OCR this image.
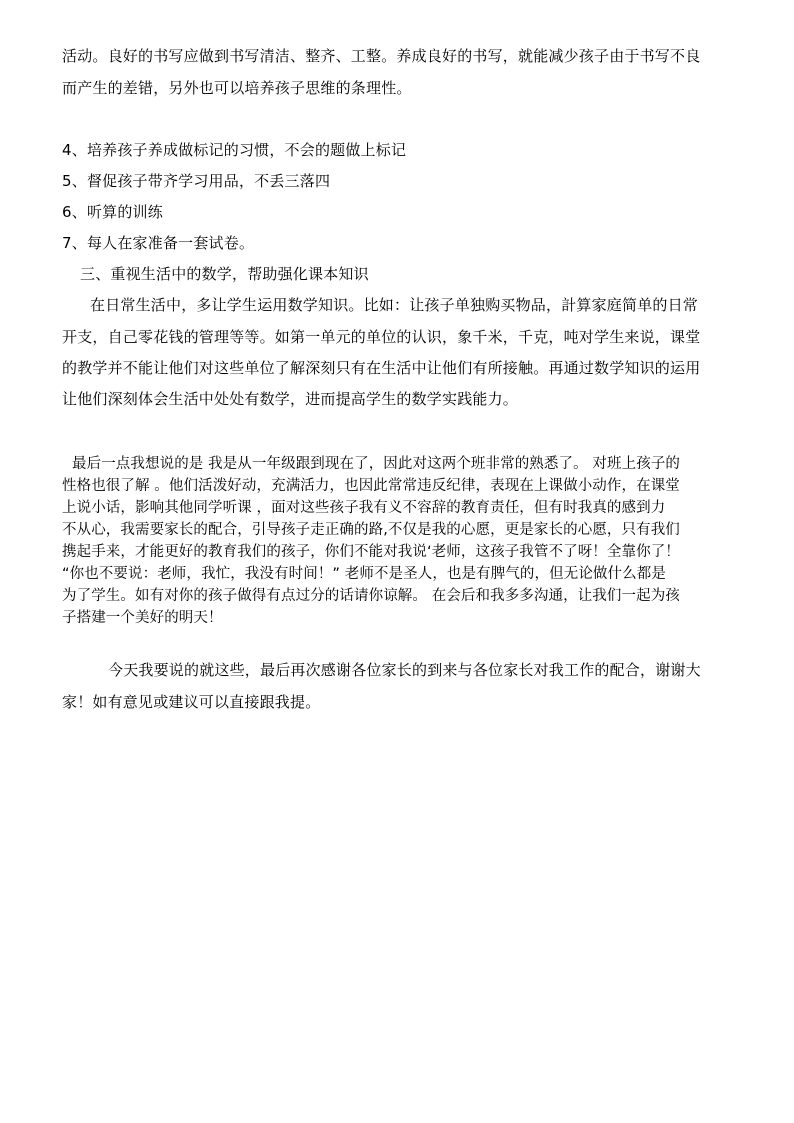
活动。良好的书写应做到书写清洁、整齐、工整。养成良好的书写，就能减少孩子由于书写不良
而产生的差错，另外也可以培养孩子思维的条理性。
4、培养孩子养成做标记的习惯，不会的题做上标记
5、督促孩子带齐学习用品，不丢三落四
6、听算的训练
7、每人在家准备一套试卷。
三、重视生活中的数学，帮助强化课本知识
在日常生活中，多让学生运用数学知识。比如：让孩子单独购买物品，計算家庭简单的日常
开支，自己零花钱的管理等等。如第一单元的单位的认识，象千米，千克，吨对学生来说，课堂
的教学并不能让他们对这些单位了解深刻只有在生活中让他们有所接触。再通过数学知识的运用
让他们深刻体会生活中处处有数学，进而提高学生的数学实践能力。
最后一点我想说的是 我是从一年级跟到现在了，因此对这两个班非常的熟悉了。 对班上孩子的
性格也很了解 。他们活泼好动，充满活力，也因此常常违反纪律，表现在上课做小动作，在课堂
上说小话，影响其他同学听课 ，面对这些孩子我有义不容辞的教育责任，但有时我真的感到力
不从心，我需要家长的配合，引导孩子走正确的路,不仅是我的心愿，更是家长的心愿，只有我们
携起手来，才能更好的教育我们的孩子，你们不能对我说‘老师，这孩子我管不了呀！全靠你了！
“你也不要说：老师，我忙，我没有时间！” 老师不是圣人，也是有脾气的，但无论做什么都是
为了学生。如有对你的孩子做得有点过分的话请你谅解。 在会后和我多多沟通，让我们一起为孩
子搭建一个美好的明天！
今天我要说的就这些，最后再次感谢各位家长的到来与各位家长对我工作的配合，谢谢大
家！如有意见或建议可以直接跟我提。
